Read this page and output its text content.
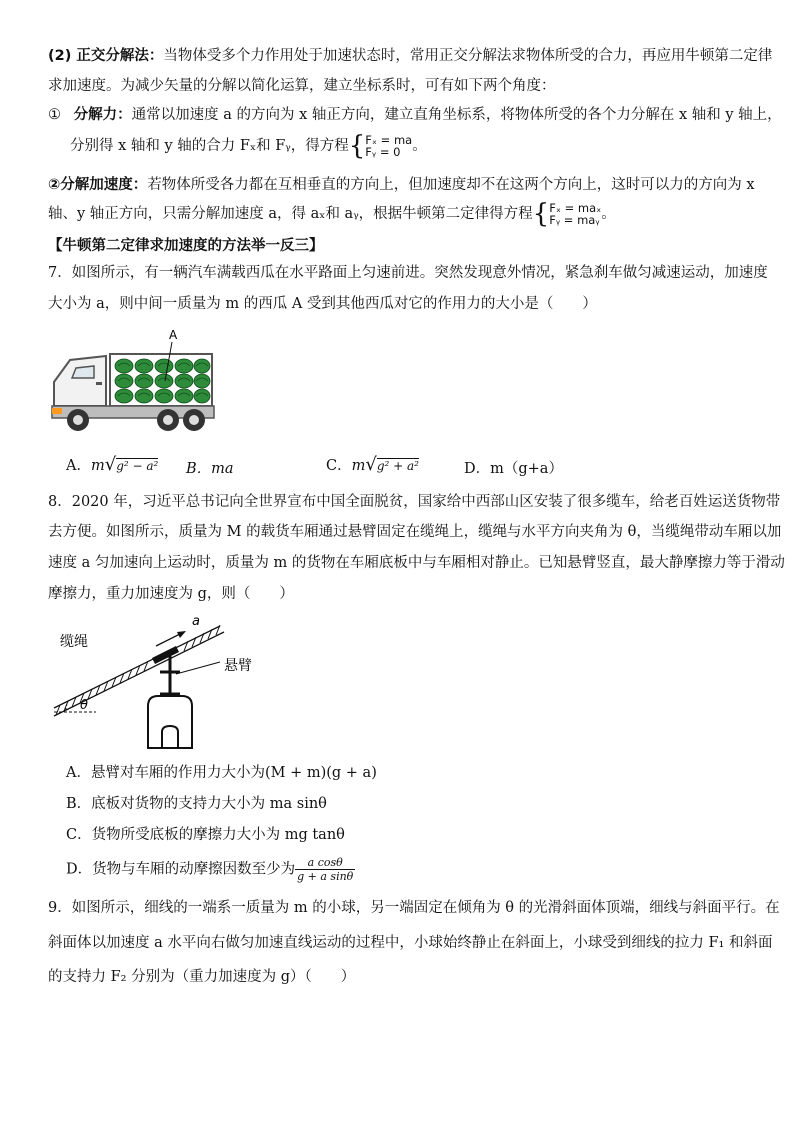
(2) 正交分解法：当物体受多个力作用处于加速状态时，常用正交分解法求物体所受的合力，再应用牛顿第二定律
求加速度。为减少矢量的分解以简化运算，建立坐标系时，可有如下两个角度：
① 分解力：通常以加速度 a 的方向为 x 轴正方向，建立直角坐标系，将物体所受的各个力分解在 x 轴和 y 轴上，
分别得 x 轴和 y 轴的合力 Fₓ和 Fᵧ，得方程{ Fₓ = ma
Fᵧ = 0 。
②分解加速度：若物体所受各力都在互相垂直的方向上，但加速度却不在这两个方向上，这时可以力的方向为 x
轴、y 轴正方向，只需分解加速度 a，得 aₓ和 aᵧ，根据牛顿第二定律得方程{ Fₓ = maₓ
Fᵧ = maᵧ 。
【牛顿第二定律求加速度的方法举一反三】
7．如图所示，有一辆汽车满载西瓜在水平路面上匀速前进。突然发现意外情况，紧急刹车做匀减速运动，加速度
大小为 a，则中间一质量为 m 的西瓜 A 受到其他西瓜对它的作用力的大小是（　　）
A
A．m√g² − a² B．ma	C．m√g² + a²	D．m（g+a）
8．2020 年，习近平总书记向全世界宣布中国全面脱贫，国家给中西部山区安装了很多缆车，给老百姓运送货物带
去方便。如图所示，质量为 M 的载货车厢通过悬臂固定在缆绳上，缆绳与水平方向夹角为 θ，当缆绳带动车厢以加
速度 a 匀加速向上运动时，质量为 m 的货物在车厢底板中与车厢相对静止。已知悬臂竖直，最大静摩擦力等于滑动
摩擦力，重力加速度为 g，则（　　）
a
悬臂
θ
缆绳
A．悬臂对车厢的作用力大小为(M + m)(g + a)
B．底板对货物的支持力大小为 ma sinθ
C．货物所受底板的摩擦力大小为 mg tanθ
D．货物与车厢的动摩擦因数至少为 $\frac{\text{a cosθ}}{\text{g + a sinθ}}$
9．如图所示，细线的一端系一质量为 m 的小球，另一端固定在倾角为 θ 的光滑斜面体顶端，细线与斜面平行。在
斜面体以加速度 a 水平向右做匀加速直线运动的过程中，小球始终静止在斜面上，小球受到细线的拉力 F₁ 和斜面
的支持力 F₂ 分别为（重力加速度为 g）（　　）
